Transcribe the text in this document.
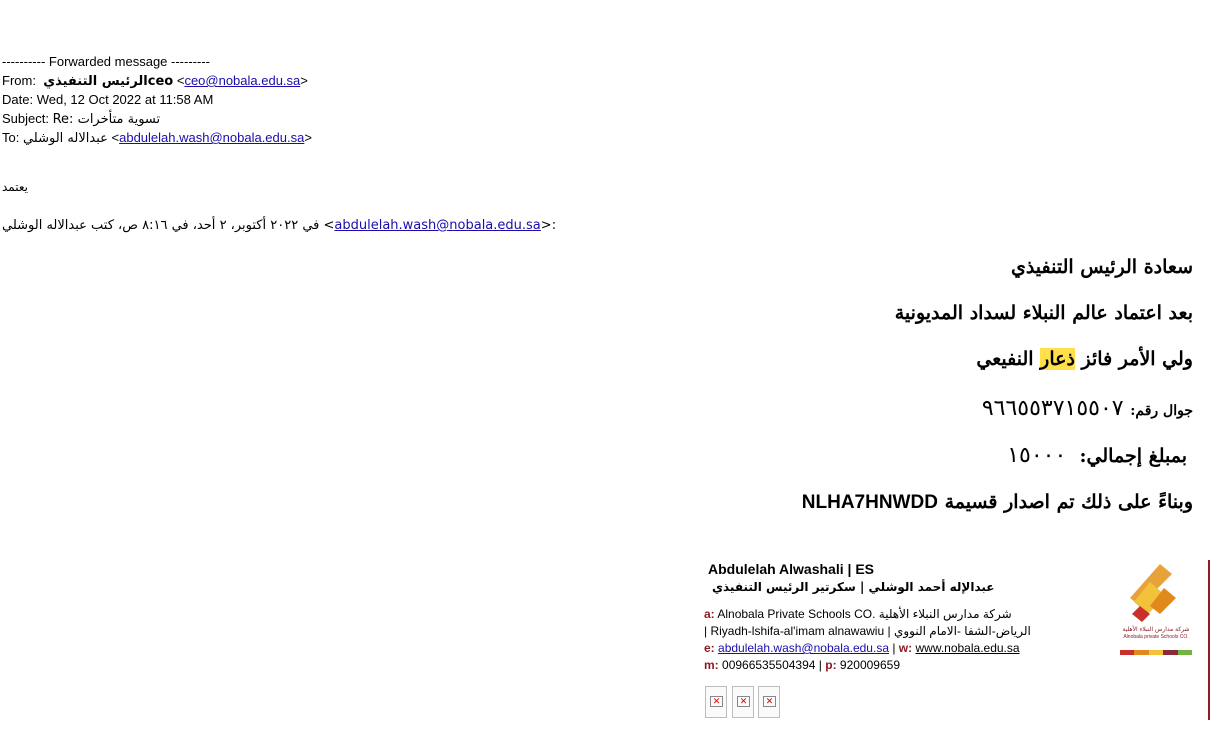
---------- Forwarded message ---------
From: الرئيس التنفيذيceo <ceo@nobala.edu.sa>
Date: Wed, 12 Oct 2022 at 11:58 AM
Subject: Re: تسوية متأخرات
To: عبدالاله الوشلي <abdulelah.wash@nobala.edu.sa>
يعتمد
في ٢٠٢٢ أكتوبر، ٢ أحد، في ٨:١٦ ص، كتب عبدالاله الوشلي <abdulelah.wash@nobala.edu.sa>:
سعادة الرئيس التنفيذي
بعد اعتماد عالم النبلاء لسداد المديونية
ولي الأمر فائز ذعار النفيعي
جوال رقم: ٩٦٦٥٥٣٧١٥٥٠٧
بمبلغ إجمالي:  ١٥٠٠٠
وبناءً على ذلك تم اصدار قسيمة NLHA7HNWDD
Abdulelah Alwashali | ES
عبدالإله أحمد الوشلي | سكرتير الرئيس التنفيذي
a: Alnobala Private Schools CO. شركة مدارس النبلاء الأهلية
| Riyadh-lshifa-al'imam alnawawiu | الرياض-الشفا -الامام النووي
e: abdulelah.wash@nobala.edu.sa | w: www.nobala.edu.sa
m: 00966535504394 | p: 920009659
✕	✕	✕
شركة مدارس النبلاء الأهلية
Alnobala private Schools CO.
